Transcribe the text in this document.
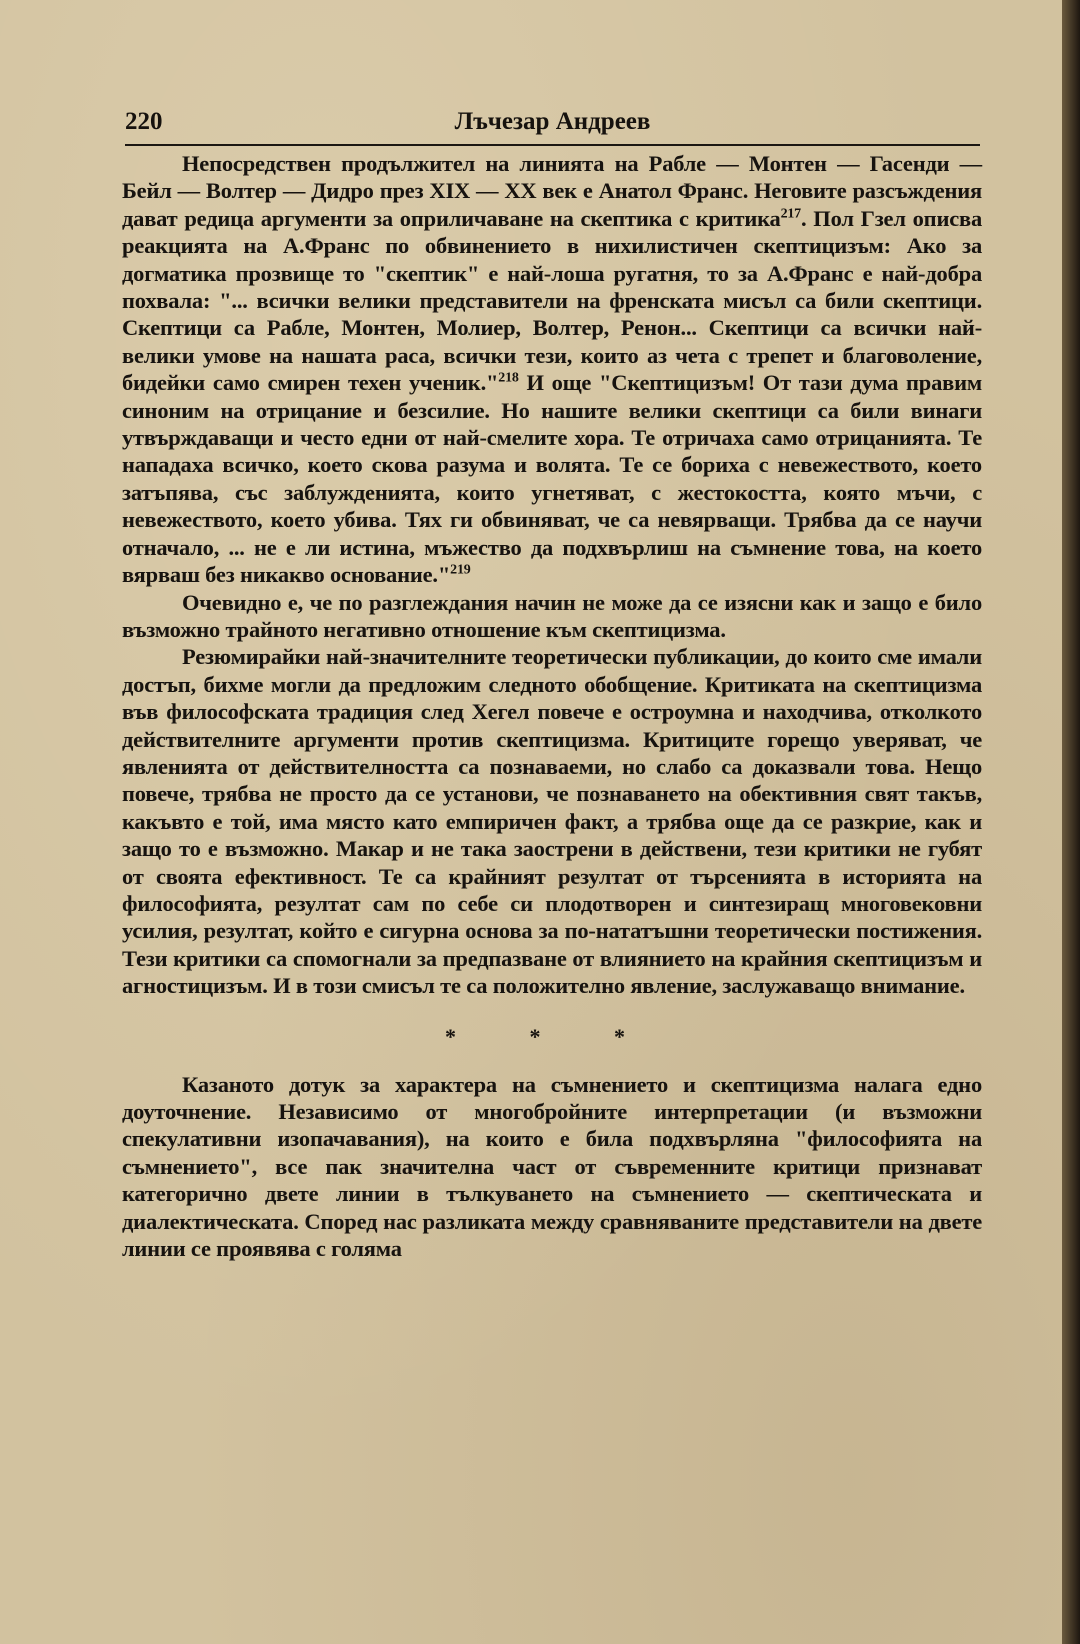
220	Лъчезар Андреев

Непосредствен продължител на линията на Рабле — Монтен — Гасенди — Бейл — Волтер — Дидро през XIX — XX век е Анатол Франс. Неговите разсъждения дават редица аргументи за оприличаване на скептика с критика$^{217}$. Пол Гзел описва реакцията на А.Франс по обвинението в нихилистичен скептицизъм: Ако за догматика прозвище то "скептик" е най-лоша ругатня, то за А.Франс е най-добра похвала: "... всички велики представители на френската мисъл са били скептици. Скептици са Рабле, Монтен, Молиер, Волтер, Ренон... Скептици са всички най-велики умове на нашата раса, всички тези, които аз чета с трепет и благоволение, бидейки само смирен техен ученик."$^{218}$ И още "Скептицизъм! От тази дума правим синоним на отрицание и безсилие. Но нашите велики скептици са били винаги утвърждаващи и често едни от най-смелите хора. Те отричаха само отрицанията. Те нападаха всичко, което скова разума и волята. Те се бориха с невежеството, което затъпява, със заблужденията, които угнетяват, с жестокостта, която мъчи, с невежеството, което убива. Тях ги обвиняват, че са невярващи. Трябва да се научи отначало, ... не е ли истина, мъжество да подхвърлиш на съмнение това, на което вярваш без никакво основание."$^{219}$

Очевидно е, че по разглеждания начин не може да се изясни как и защо е било възможно трайното негативно отношение към скептицизма.

Резюмирайки най-значителните теоретически публикации, до които сме имали достъп, бихме могли да предложим следното обобщение. Критиката на скептицизма във философската традиция след Хегел повече е остроумна и находчива, отколкото действителните аргументи против скептицизма. Критиците горещо уверяват, че явленията от действителността са познаваеми, но слабо са доказвали това. Нещо повече, трябва не просто да се установи, че познаването на обективния свят такъв, какъвто е той, има място като емпиричен факт, а трябва още да се разкрие, как и защо то е възможно. Макар и не така заострени в действени, тези критики не губят от своята ефективност. Те са крайният резултат от търсенията в историята на философията, резултат сам по себе си плодотворен и синтезиращ многовековни усилия, резултат, който е сигурна основа за по-нататъшни теоретически постижения. Тези критики са спомогнали за предпазване от влиянието на крайния скептицизъм и агностицизъм. И в този смисъл те са положително явление, заслужаващо внимание.

* * *

Казаното дотук за характера на съмнението и скептицизма налага едно доуточнение. Независимо от многобройните интерпретации (и възможни спекулативни изопачавания), на които е била подхвърляна "философията на съмнението", все пак значителна част от съвременните критици признават категорично двете линии в тълкуването на съмнението — скептическата и диалектическата. Според нас разликата между сравняваните представители на двете линии се проявява с голяма
